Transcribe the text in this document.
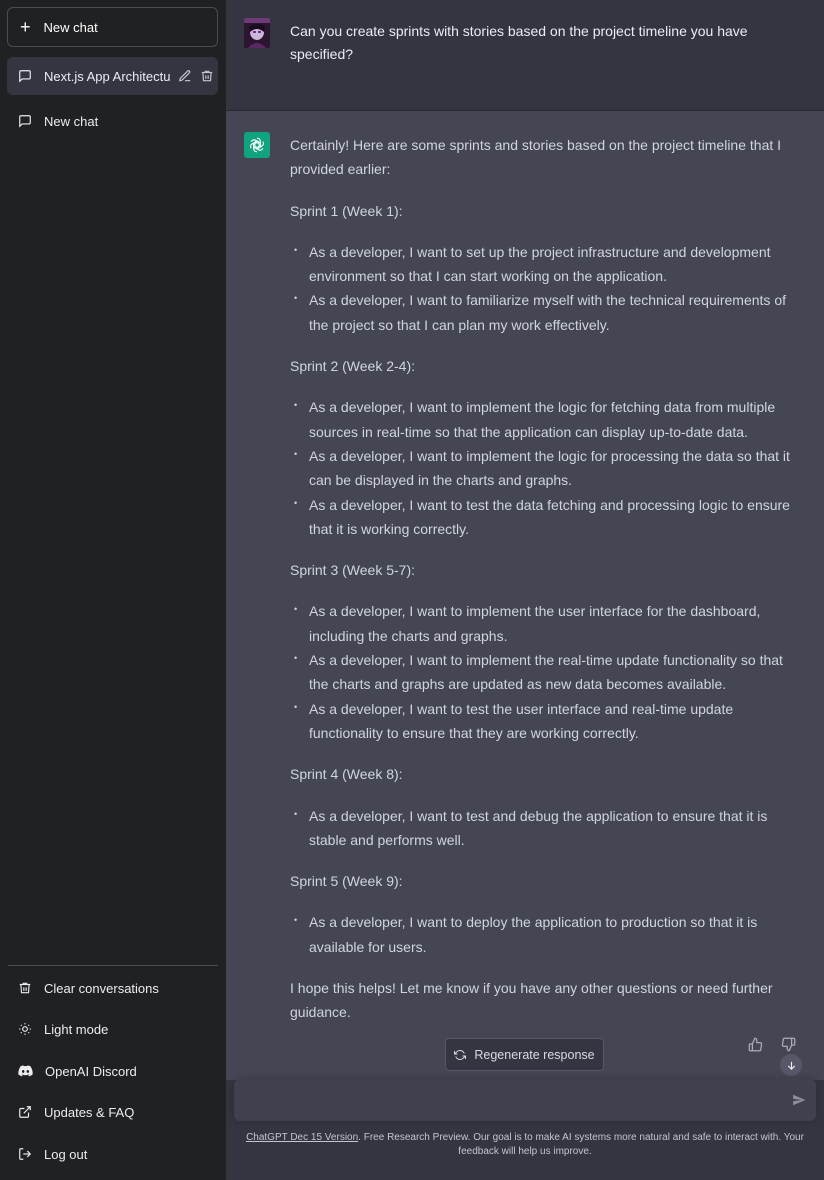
+ New chat
Next.js App Architectu
New chat
Clear conversations
Light mode
OpenAI Discord
Updates & FAQ
Log out
Can you create sprints with stories based on the project timeline you have specified?

Certainly! Here are some sprints and stories based on the project timeline that I provided earlier:

Sprint 1 (Week 1):

• As a developer, I want to set up the project infrastructure and development environment so that I can start working on the application.
• As a developer, I want to familiarize myself with the technical requirements of the project so that I can plan my work effectively.

Sprint 2 (Week 2-4):

• As a developer, I want to implement the logic for fetching data from multiple sources in real-time so that the application can display up-to-date data.
• As a developer, I want to implement the logic for processing the data so that it can be displayed in the charts and graphs.
• As a developer, I want to test the data fetching and processing logic to ensure that it is working correctly.

Sprint 3 (Week 5-7):

• As a developer, I want to implement the user interface for the dashboard, including the charts and graphs.
• As a developer, I want to implement the real-time update functionality so that the charts and graphs are updated as new data becomes available.
• As a developer, I want to test the user interface and real-time update functionality to ensure that they are working correctly.

Sprint 4 (Week 8):

• As a developer, I want to test and debug the application to ensure that it is stable and performs well.

Sprint 5 (Week 9):

• As a developer, I want to deploy the application to production so that it is available for users.

I hope this helps! Let me know if you have any other questions or need further guidance.

Regenerate response
ChatGPT Dec 15 Version. Free Research Preview. Our goal is to make AI systems more natural and safe to interact with. Your feedback will help us improve.
